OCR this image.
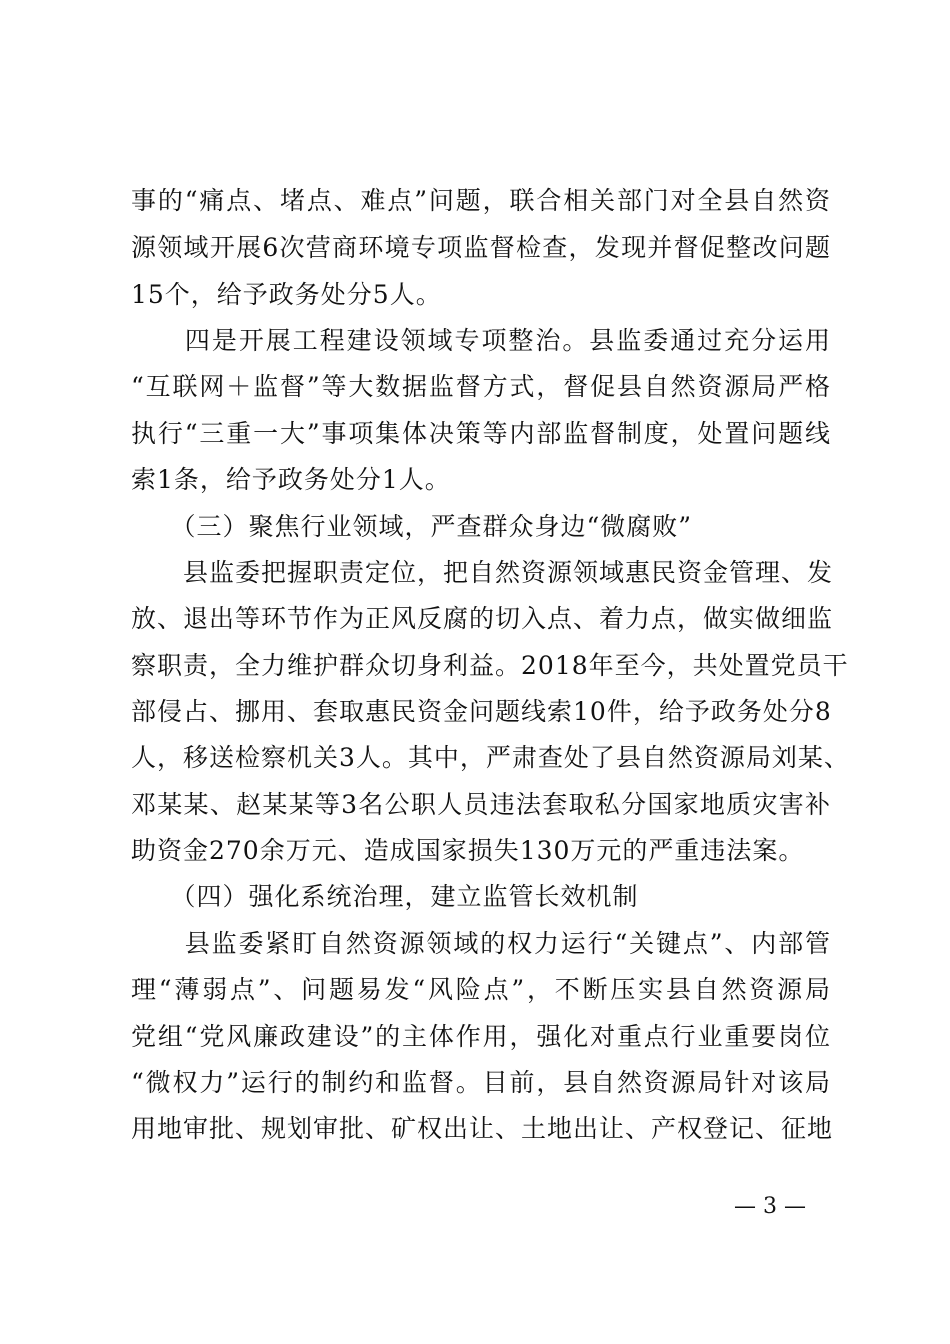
事的“痛点、堵点、难点”问题，联合相关部门对全县自然资
源领域开展6次营商环境专项监督检查，发现并督促整改问题
15个，给予政务处分5人。
　　四是开展工程建设领域专项整治。县监委通过充分运用
“互联网＋监督”等大数据监督方式，督促县自然资源局严格
执行“三重一大”事项集体决策等内部监督制度，处置问题线
索1条，给予政务处分1人。
　　（三）聚焦行业领域，严查群众身边“微腐败”
　　县监委把握职责定位，把自然资源领域惠民资金管理、发
放、退出等环节作为正风反腐的切入点、着力点，做实做细监
察职责，全力维护群众切身利益。2018年至今，共处置党员干
部侵占、挪用、套取惠民资金问题线索10件，给予政务处分8
人，移送检察机关3人。其中，严肃查处了县自然资源局刘某、
邓某某、赵某某等3名公职人员违法套取私分国家地质灾害补
助资金270余万元、造成国家损失130万元的严重违法案。
　　（四）强化系统治理，建立监管长效机制
　　县监委紧盯自然资源领域的权力运行“关键点”、内部管
理“薄弱点”、问题易发“风险点”，不断压实县自然资源局
党组“党风廉政建设”的主体作用，强化对重点行业重要岗位
“微权力”运行的制约和监督。目前，县自然资源局针对该局
用地审批、规划审批、矿权出让、土地出让、产权登记、征地
— 3 —
